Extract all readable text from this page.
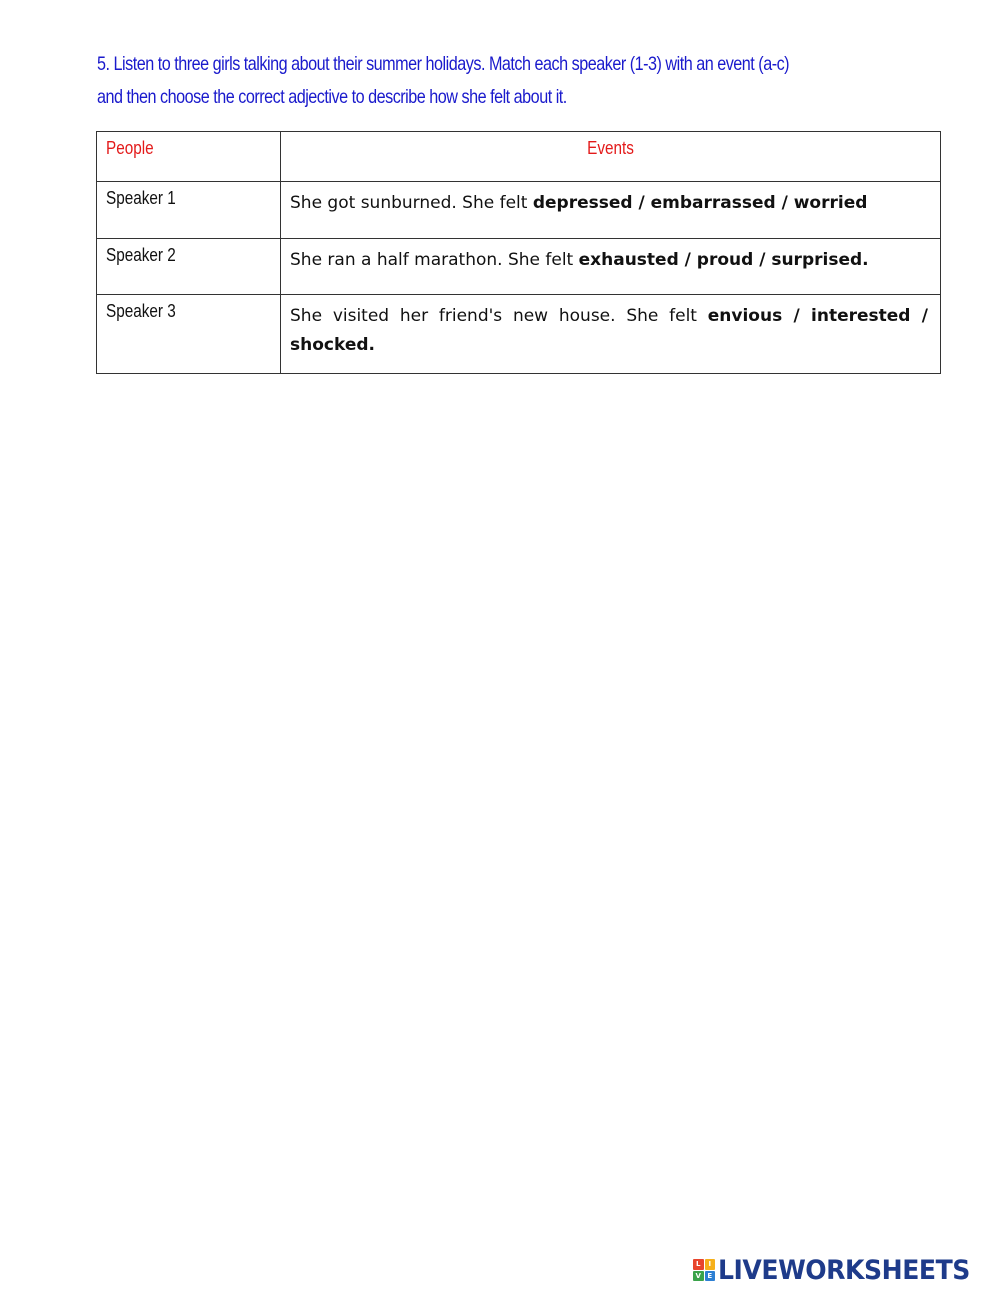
5. Listen to three girls talking about their summer holidays. Match each speaker (1-3) with an event (a-c)
and then choose the correct adjective to describe how she felt about it.

People	Events
Speaker 1	She got sunburned. She felt depressed / embarrassed / worried
Speaker 2	She ran a half marathon. She felt exhausted / proud / surprised.
Speaker 3	She visited her friend's new house. She felt envious / interested / shocked.
L	I
V E LIVEWORKSHEETS
